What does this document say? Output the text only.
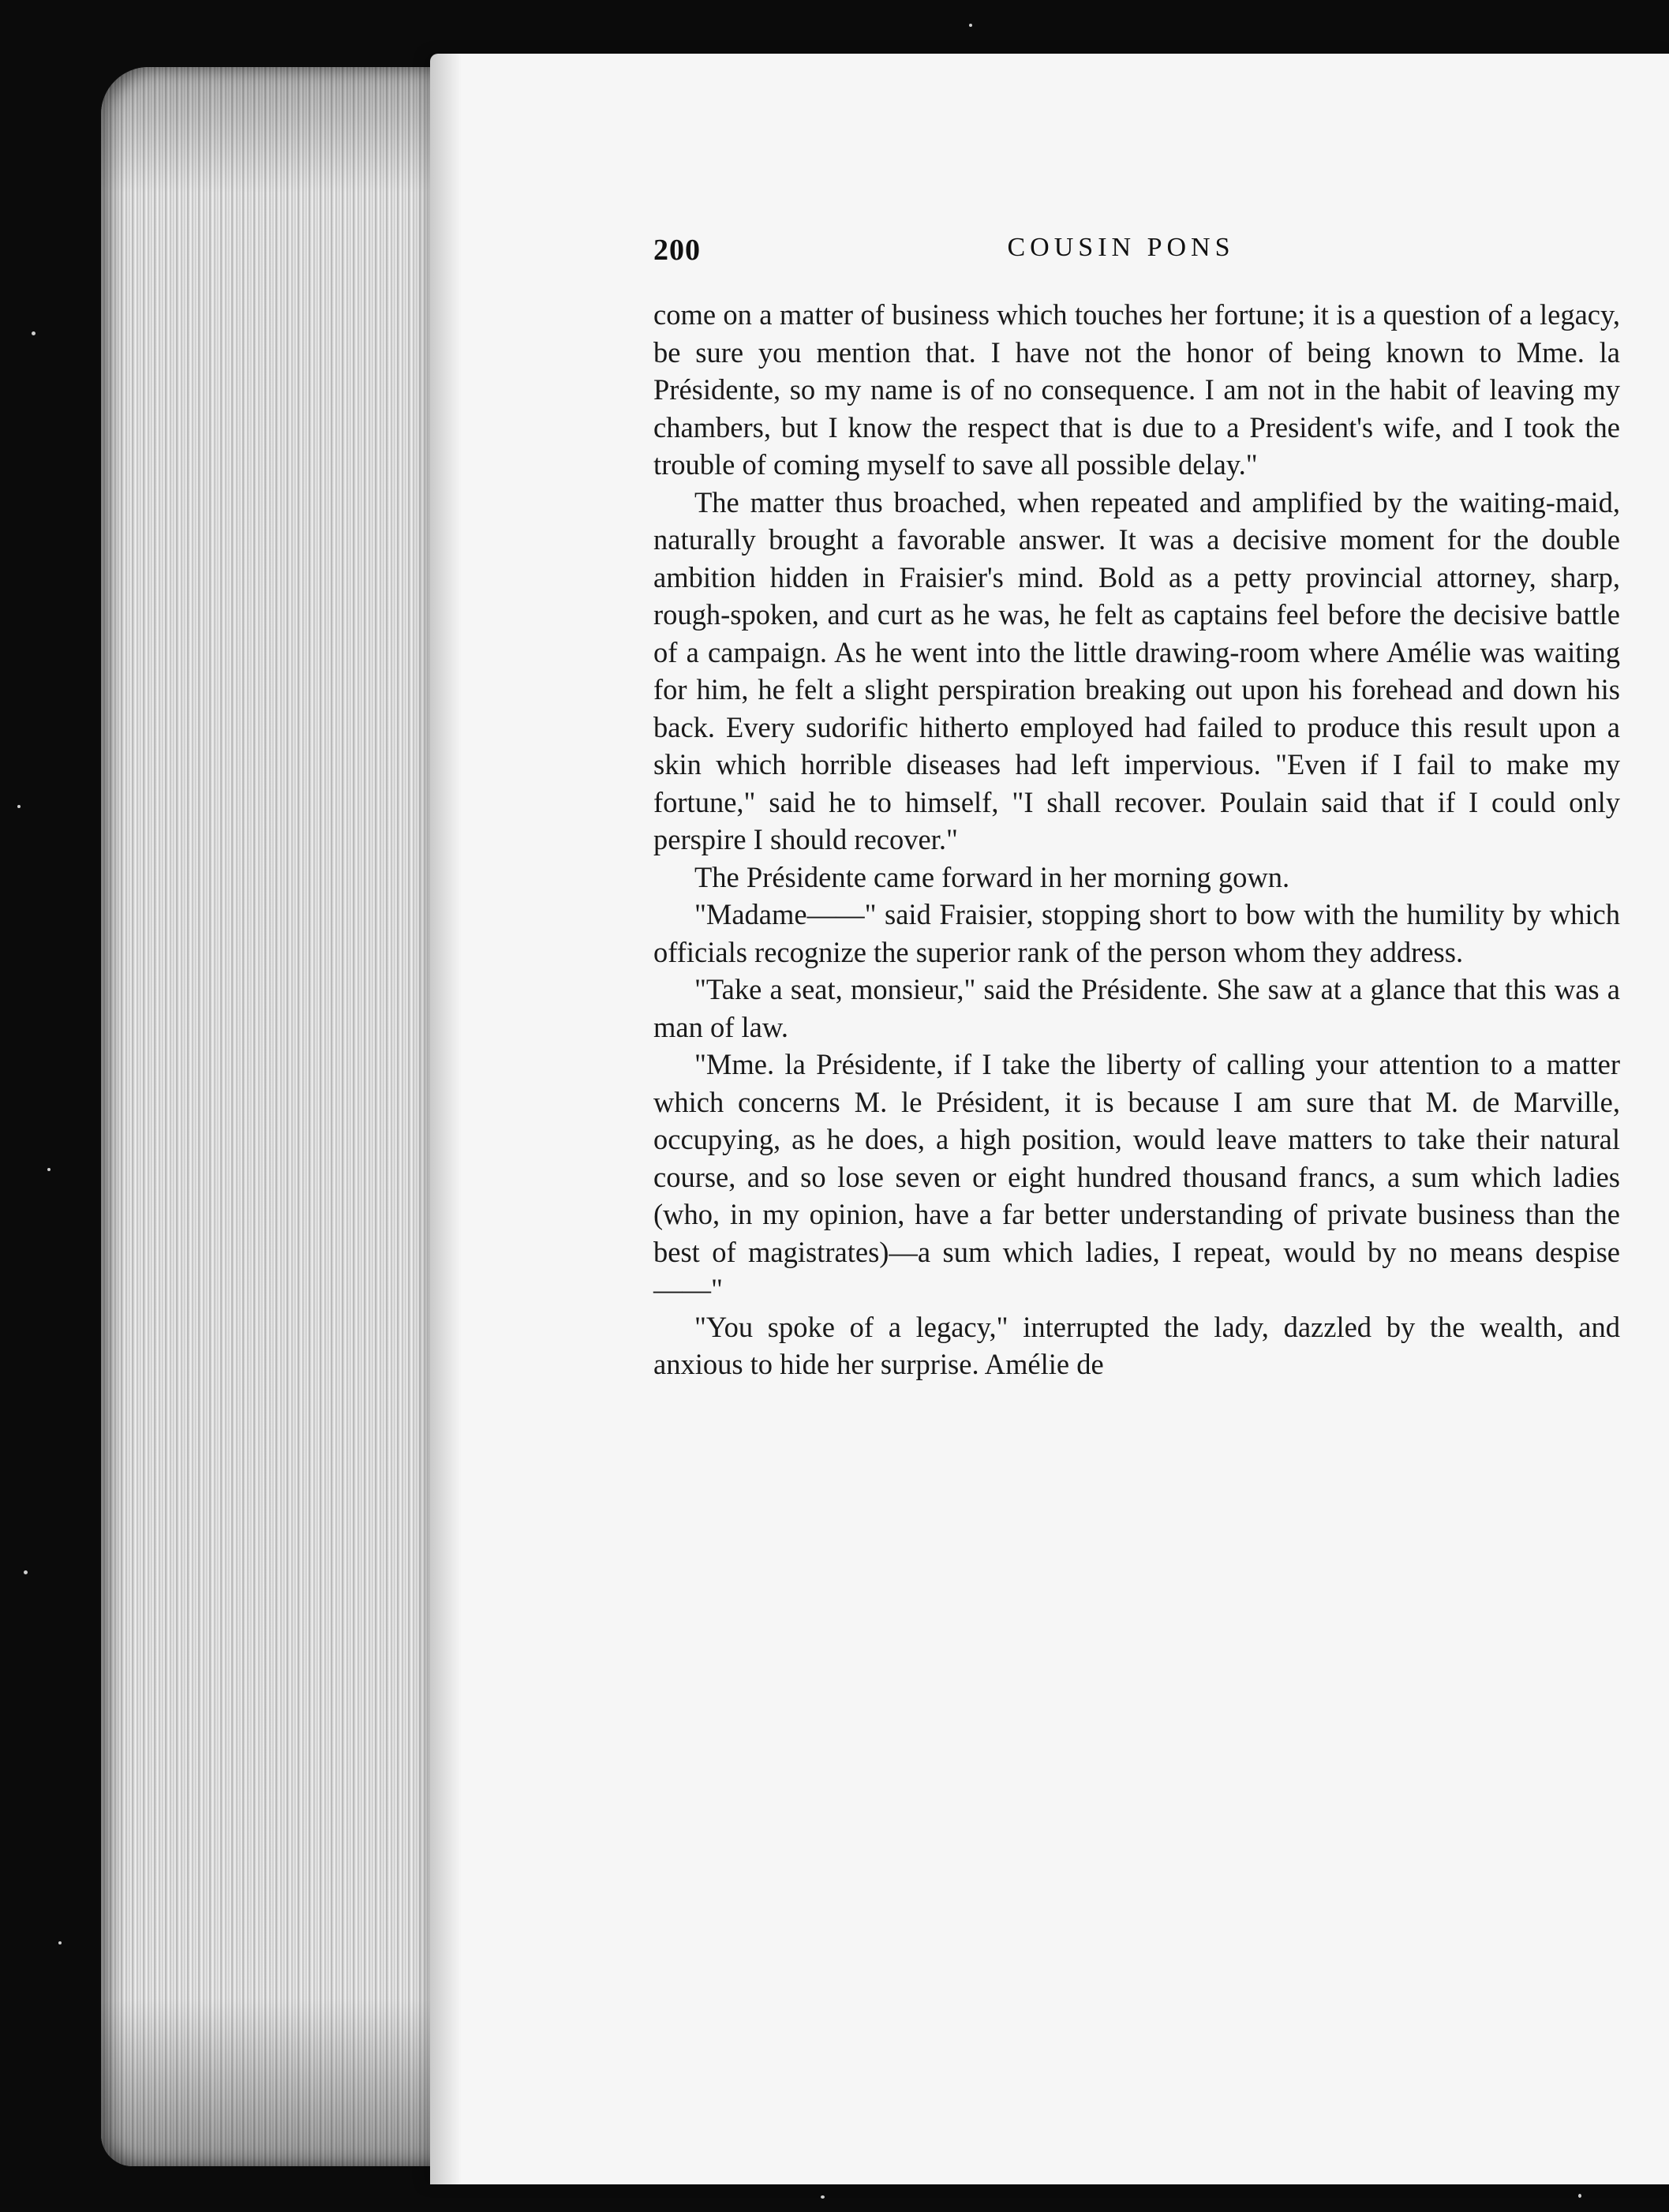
200	COUSIN PONS

come on a matter of business which touches her fortune; it is a question of a legacy, be sure you mention that. I have not the honor of being known to Mme. la Présidente, so my name is of no consequence. I am not in the habit of leaving my chambers, but I know the respect that is due to a President's wife, and I took the trouble of coming myself to save all possible delay."

The matter thus broached, when repeated and amplified by the waiting-maid, naturally brought a favorable answer. It was a decisive moment for the double ambition hidden in Fraisier's mind. Bold as a petty provincial attorney, sharp, rough-spoken, and curt as he was, he felt as captains feel before the decisive battle of a campaign. As he went into the little drawing-room where Amélie was waiting for him, he felt a slight perspiration breaking out upon his forehead and down his back. Every sudorific hitherto employed had failed to produce this result upon a skin which horrible diseases had left impervious. "Even if I fail to make my fortune," said he to himself, "I shall recover. Poulain said that if I could only perspire I should recover."

The Présidente came forward in her morning gown.

"Madame——" said Fraisier, stopping short to bow with the humility by which officials recognize the superior rank of the person whom they address.

"Take a seat, monsieur," said the Présidente. She saw at a glance that this was a man of law.

"Mme. la Présidente, if I take the liberty of calling your attention to a matter which concerns M. le Président, it is because I am sure that M. de Marville, occupying, as he does, a high position, would leave matters to take their natural course, and so lose seven or eight hundred thousand francs, a sum which ladies (who, in my opinion, have a far better understanding of private business than the best of magistrates)—a sum which ladies, I repeat, would by no means despise——"

"You spoke of a legacy," interrupted the lady, dazzled by the wealth, and anxious to hide her surprise. Amélie de
